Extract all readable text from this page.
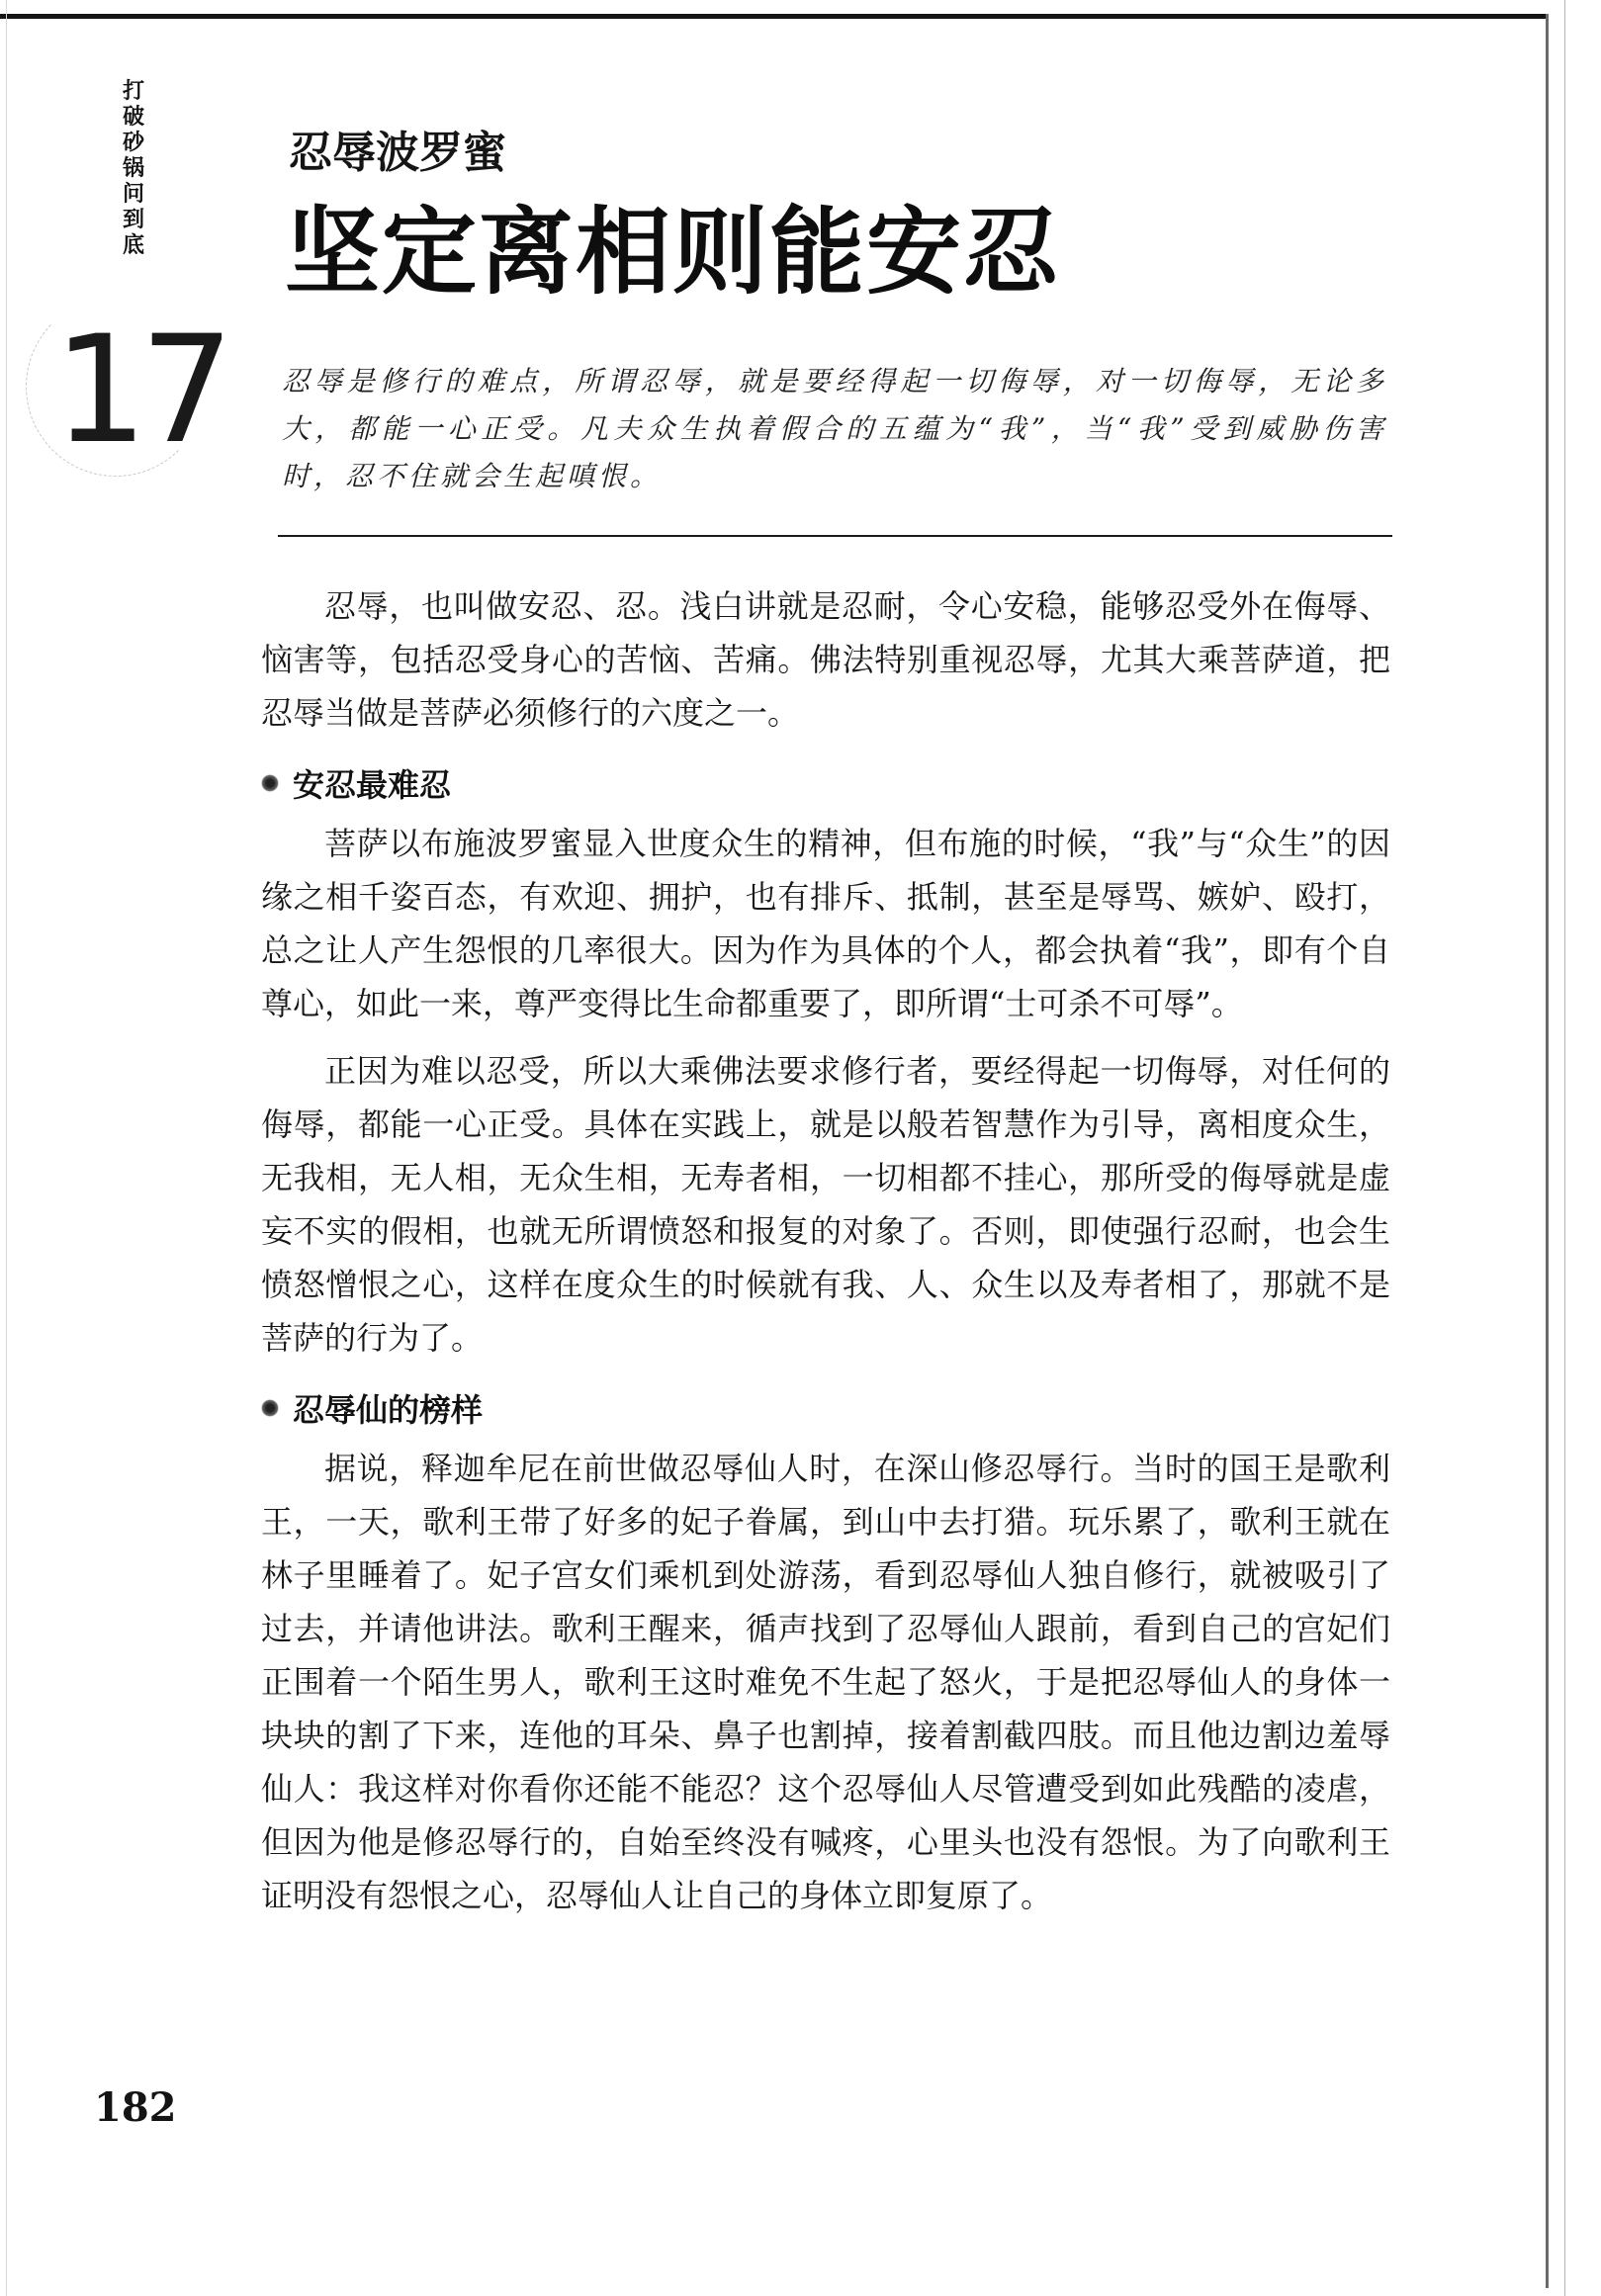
打破砂锅问到底
17
忍辱波罗蜜
坚定离相则能安忍
忍辱是修行的难点，所谓忍辱，就是要经得起一切侮辱，对一切侮辱，无论多大，都能一心正受。凡夫众生执着假合的五蕴为“我”，当“我”受到威胁伤害时，忍不住就会生起嗔恨。

忍辱，也叫做安忍、忍。浅白讲就是忍耐，令心安稳，能够忍受外在侮辱、恼害等，包括忍受身心的苦恼、苦痛。佛法特别重视忍辱，尤其大乘菩萨道，把忍辱当做是菩萨必须修行的六度之一。

安忍最难忍

菩萨以布施波罗蜜显入世度众生的精神，但布施的时候，“我”与“众生”的因缘之相千姿百态，有欢迎、拥护，也有排斥、抵制，甚至是辱骂、嫉妒、殴打，总之让人产生怨恨的几率很大。因为作为具体的个人，都会执着“我”，即有个自尊心，如此一来，尊严变得比生命都重要了，即所谓“士可杀不可辱”。

正因为难以忍受，所以大乘佛法要求修行者，要经得起一切侮辱，对任何的侮辱，都能一心正受。具体在实践上，就是以般若智慧作为引导，离相度众生，无我相，无人相，无众生相，无寿者相，一切相都不挂心，那所受的侮辱就是虚妄不实的假相，也就无所谓愤怒和报复的对象了。否则，即使强行忍耐，也会生愤怒憎恨之心，这样在度众生的时候就有我、人、众生以及寿者相了，那就不是菩萨的行为了。

忍辱仙的榜样

据说，释迦牟尼在前世做忍辱仙人时，在深山修忍辱行。当时的国王是歌利王，一天，歌利王带了好多的妃子眷属，到山中去打猎。玩乐累了，歌利王就在林子里睡着了。妃子宫女们乘机到处游荡，看到忍辱仙人独自修行，就被吸引了过去，并请他讲法。歌利王醒来，循声找到了忍辱仙人跟前，看到自己的宫妃们正围着一个陌生男人，歌利王这时难免不生起了怒火，于是把忍辱仙人的身体一块块的割了下来，连他的耳朵、鼻子也割掉，接着割截四肢。而且他边割边羞辱仙人：我这样对你看你还能不能忍？这个忍辱仙人尽管遭受到如此残酷的凌虐，但因为他是修忍辱行的，自始至终没有喊疼，心里头也没有怨恨。为了向歌利王证明没有怨恨之心，忍辱仙人让自己的身体立即复原了。

182
